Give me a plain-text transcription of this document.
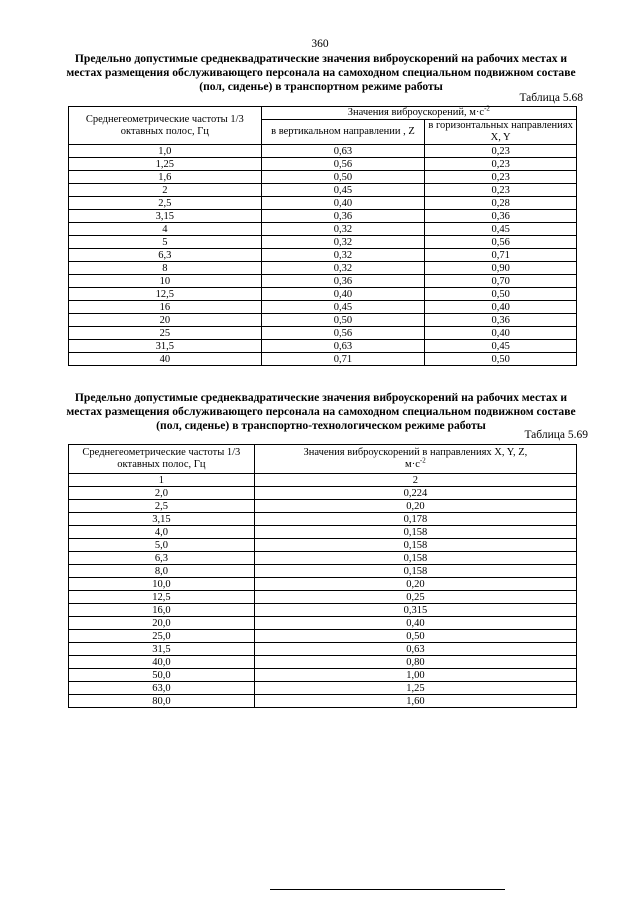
360
Предельно допустимые среднеквадратические значения виброускорений на рабочих местах и местах размещения обслуживающего персонала на самоходном специальном подвижном составе (пол, сиденье) в транспортном режиме работы
Таблица 5.68
Среднегеометрические частоты 1/3 октавных полос, Гц	Значения виброускорений, $м\cdot с^{-2}$
	в вертикальном направлении , Z	в горизонтальных направлениях X, Y
1,0	0,63	0,23
1,25	0,56	0,23
1,6	0,50	0,23
2	0,45	0,23
2,5	0,40	0,28
3,15	0,36	0,36
4	0,32	0,45
5	0,32	0,56
6,3	0,32	0,71
8	0,32	0,90
10	0,36	0,70
12,5	0,40	0,50
16	0,45	0,40
20	0,50	0,36
25	0,56	0,40
31,5	0,63	0,45
40	0,71	0,50
Предельно допустимые среднеквадратические значения виброускорений на рабочих местах и местах размещения обслуживающего персонала на самоходном специальном подвижном составе (пол, сиденье) в транспортно-технологическом режиме работы
Таблица 5.69
Среднегеометрические частоты 1/3 октавных полос, Гц	Значения виброускорений в направлениях X, Y, Z,
$м\cdot с^{-2}$
1	2
2,0	0,224
2,5	0,20
3,15	0,178
4,0	0,158
5,0	0,158
6,3	0,158
8,0	0,158
10,0	0,20
12,5	0,25
16,0	0,315
20,0	0,40
25,0	0,50
31,5	0,63
40,0	0,80
50,0	1,00
63,0	1,25
80,0	1,60
